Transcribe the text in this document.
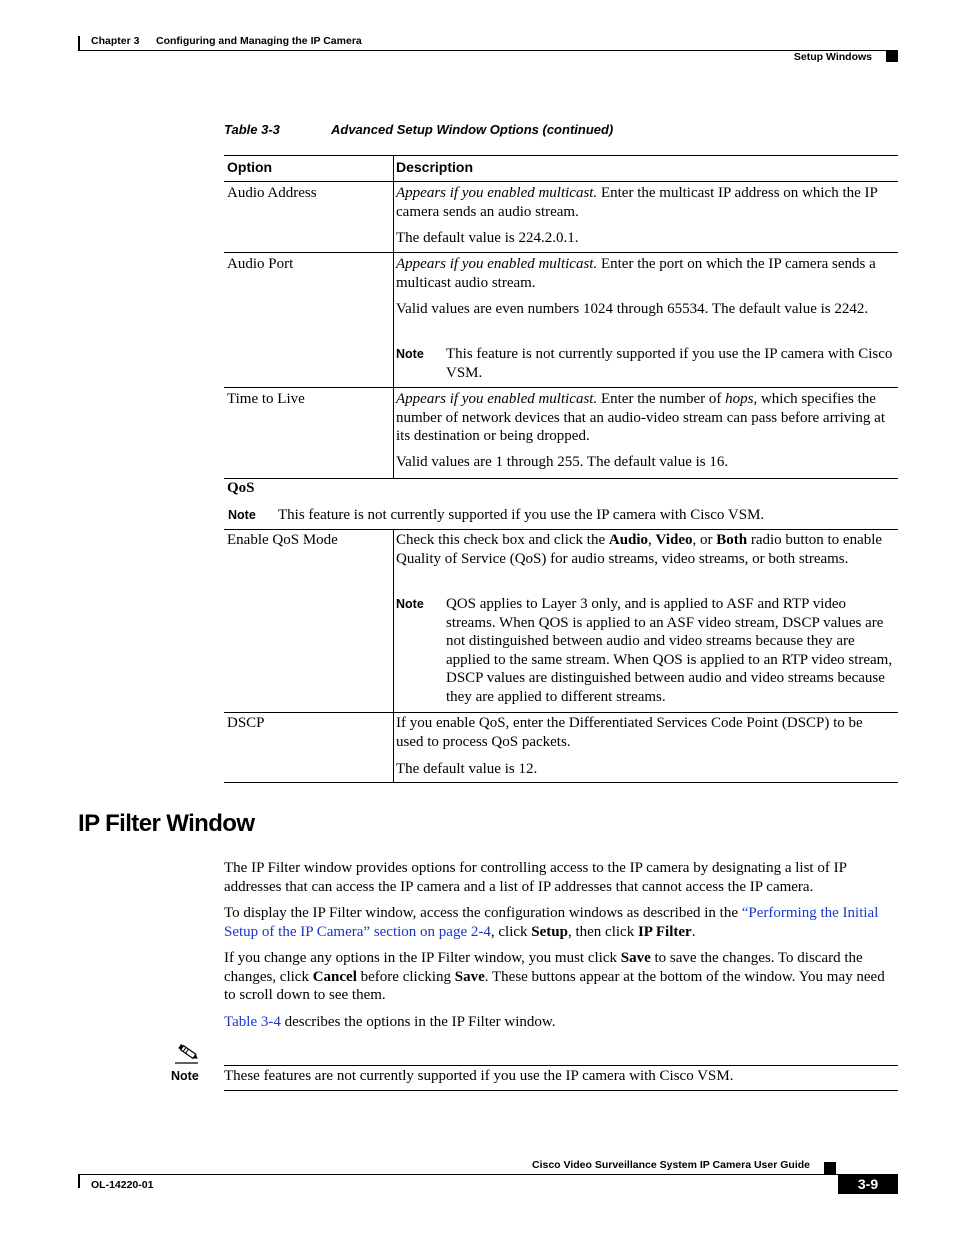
Chapter 3 Configuring and Managing the IP Camera
Setup Windows
Table 3-3	Advanced Setup Window Options (continued)
Option	Description
Audio Address	Appears if you enabled multicast. Enter the multicast IP address on which the IP camera sends an audio stream.
The default value is 224.2.0.1.
Audio Port	Appears if you enabled multicast. Enter the port on which the IP camera sends a multicast audio stream.
Valid values are even numbers 1024 through 65534. The default value is 2242.
Note This feature is not currently supported if you use the IP camera with Cisco VSM.
Time to Live	Appears if you enabled multicast. Enter the number of hops, which specifies the number of network devices that an audio-video stream can pass before arriving at its destination or being dropped.
Valid values are 1 through 255. The default value is 16.
QoS
Note This feature is not currently supported if you use the IP camera with Cisco VSM.
Enable QoS Mode	Check this check box and click the Audio, Video, or Both radio button to enable Quality of Service (QoS) for audio streams, video streams, or both streams.
Note QOS applies to Layer 3 only, and is applied to ASF and RTP video streams. When QOS is applied to an ASF video stream, DSCP values are not distinguished between audio and video streams because they are applied to the same stream. When QOS is applied to an RTP video stream, DSCP values are distinguished between audio and video streams because they are applied to different streams.
DSCP	If you enable QoS, enter the Differentiated Services Code Point (DSCP) to be used to process QoS packets.
The default value is 12.
IP Filter Window
The IP Filter window provides options for controlling access to the IP camera by designating a list of IP addresses that can access the IP camera and a list of IP addresses that cannot access the IP camera.
To display the IP Filter window, access the configuration windows as described in the “Performing the Initial Setup of the IP Camera” section on page 2-4, click Setup, then click IP Filter.
If you change any options in the IP Filter window, you must click Save to save the changes. To discard the changes, click Cancel before clicking Save. These buttons appear at the bottom of the window. You may need to scroll down to see them.
Table 3-4 describes the options in the IP Filter window.
Note These features are not currently supported if you use the IP camera with Cisco VSM.
Cisco Video Surveillance System IP Camera User Guide
OL-14220-01	3-9
